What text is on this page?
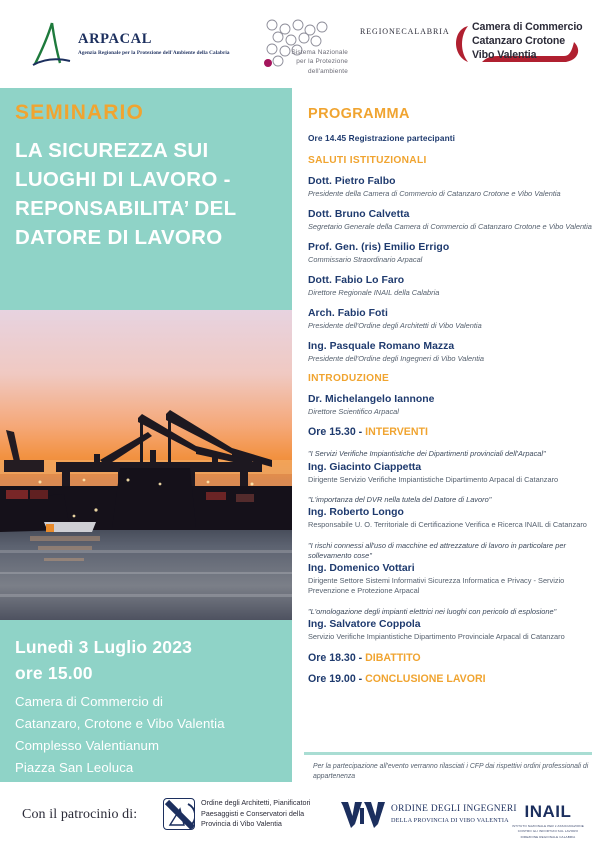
ARPACAL
Agenzia Regionale per la Protezione dell'Ambiente della Calabria	Sistema Nazionale
per la Protezione
dell'ambiente
REGIONE CALABRIA Camera di Commercio
Catanzaro Crotone
Vibo Valentia
SEMINARIO
LA SICUREZZA SUI LUOGHI DI LAVORO - REPONSABILITA’ DEL DATORE DI LAVORO
Lunedì 3 Luglio 2023
ore 15.00
Camera di Commercio di
Catanzaro, Crotone e Vibo Valentia
Complesso Valentianum
Piazza San Leoluca
Vibo Valentia
PROGRAMMA
Ore 14.45 Registrazione partecipanti
SALUTI ISTITUZIONALI
Dott. Pietro Falbo
Presidente della Camera di Commercio di Catanzaro Crotone e Vibo Valentia
Dott. Bruno Calvetta
Segretario Generale della Camera di Commercio di Catanzaro Crotone e Vibo Valentia
Prof. Gen. (ris) Emilio Errigo
Commissario Straordinario Arpacal
Dott. Fabio Lo Faro
Direttore Regionale INAIL della Calabria
Arch. Fabio Foti
Presidente dell'Ordine degli Architetti di Vibo Valentia
Ing. Pasquale Romano Mazza
Presidente dell'Ordine degli Ingegneri di Vibo Valentia
INTRODUZIONE
Dr. Michelangelo Iannone
Direttore Scientifico Arpacal
Ore 15.30 - INTERVENTI
"I Servizi Verifiche Impiantistiche dei Dipartimenti provinciali dell'Arpacal"
Ing. Giacinto Ciappetta
Dirigente Servizio Verifiche Impiantistiche Dipartimento Arpacal di Catanzaro
"L'importanza del DVR nella tutela del Datore di Lavoro"
Ing. Roberto Longo
Responsabile U. O. Territoriale di Certificazione Verifica e Ricerca INAIL di Catanzaro
"I rischi connessi all'uso di macchine ed attrezzature di lavoro in particolare per sollevamento cose"
Ing. Domenico Vottari
Dirigente Settore Sistemi Informativi Sicurezza Informatica e Privacy - Servizio Prevenzione e Protezione Arpacal
"L'omologazione degli impianti elettrici nei luoghi con pericolo di esplosione"
Ing. Salvatore Coppola
Servizio Verifiche Impiantistiche Dipartimento Provinciale Arpacal di Catanzaro
Ore 18.30 - DIBATTITO
Ore 19.00 - CONCLUSIONE LAVORI
Per la partecipazione all'evento verranno rilasciati i CFP dai rispettivi ordini professionali di appartenenza
Con il patrocinio di:
Ordine degli Architetti, Pianificatori
Paesaggisti e Conservatori della
Provincia di Vibo Valentia
ORDINE DEGLI INGEGNERI
DELLA PROVINCIA DI VIBO VALENTIA INAIL
ISTITUTO NAZIONALE PER L'ASSICURAZIONE
CONTRO GLI INFORTUNI SUL LAVORO
DIREZIONE REGIONALE CALABRIA
